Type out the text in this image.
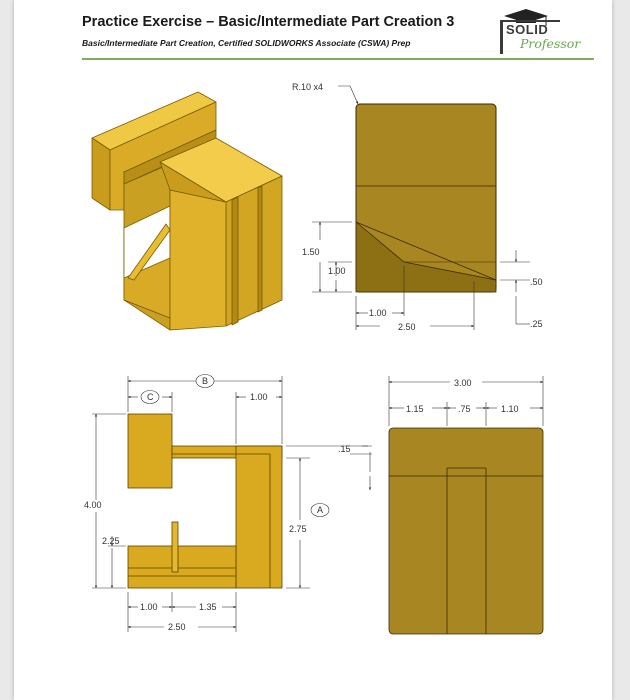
Practice Exercise – Basic/Intermediate Part Creation 3
Basic/Intermediate Part Creation, Certified SOLIDWORKS Associate (CSWA) Prep
SOLID
Professor
R.10 x4
1.50
1.00
.50
.25
1.00
2.50
B
C
A
1.00
.15
4.00
2.25
2.75
1.00	1.35
2.50
3.00
1.15	.75	1.10
